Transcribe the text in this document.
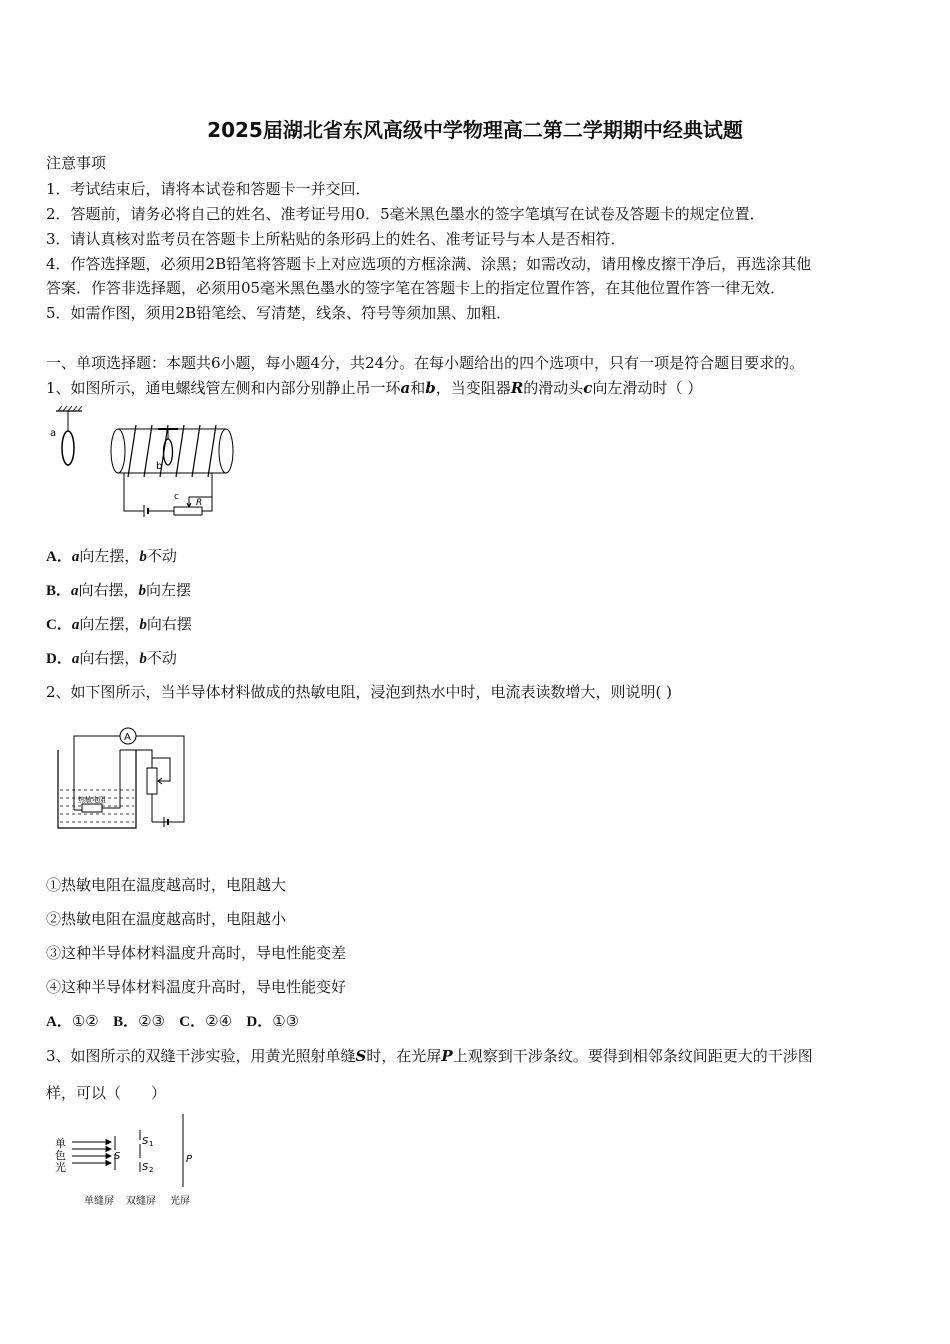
2025届湖北省东风高级中学物理高二第二学期期中经典试题
注意事项
1．考试结束后，请将本试卷和答题卡一并交回．
2．答题前，请务必将自己的姓名、准考证号用0．5毫米黑色墨水的签字笔填写在试卷及答题卡的规定位置．
3．请认真核对监考员在答题卡上所粘贴的条形码上的姓名、准考证号与本人是否相符．
4．作答选择题，必须用2B铅笔将答题卡上对应选项的方框涂满、涂黑；如需改动，请用橡皮擦干净后，再选涂其他
答案．作答非选择题，必须用05毫米黑色墨水的签字笔在答题卡上的指定位置作答，在其他位置作答一律无效．
5．如需作图，须用2B铅笔绘、写清楚，线条、符号等须加黑、加粗．
一、单项选择题：本题共6小题，每小题4分，共24分。在每小题给出的四个选项中，只有一项是符合题目要求的。
1、如图所示，通电螺线管左侧和内部分别静止吊一环a和b，当变阻器R的滑动头c向左滑动时（ ）
a
b
c
R
A．a向左摆，b不动
B．a向右摆，b向左摆
C．a向左摆，b向右摆
D．a向右摆，b不动
2、如下图所示，当半导体材料做成的热敏电阻，浸泡到热水中时，电流表读数增大，则说明( )
A
热敏电阻
①热敏电阻在温度越高时，电阻越大
②热敏电阻在温度越高时，电阻越小
③这种半导体材料温度升高时，导电性能变差
④这种半导体材料温度升高时，导电性能变好
A．①② B．②③ C．②④ D．①③
3、如图所示的双缝干涉实验，用黄光照射单缝S时，在光屏P上观察到干涉条纹。要得到相邻条纹间距更大的干涉图
样，可以（　　）
单
色
光
S
S 1
S 2
P
单缝屏 双缝屏 光屏
